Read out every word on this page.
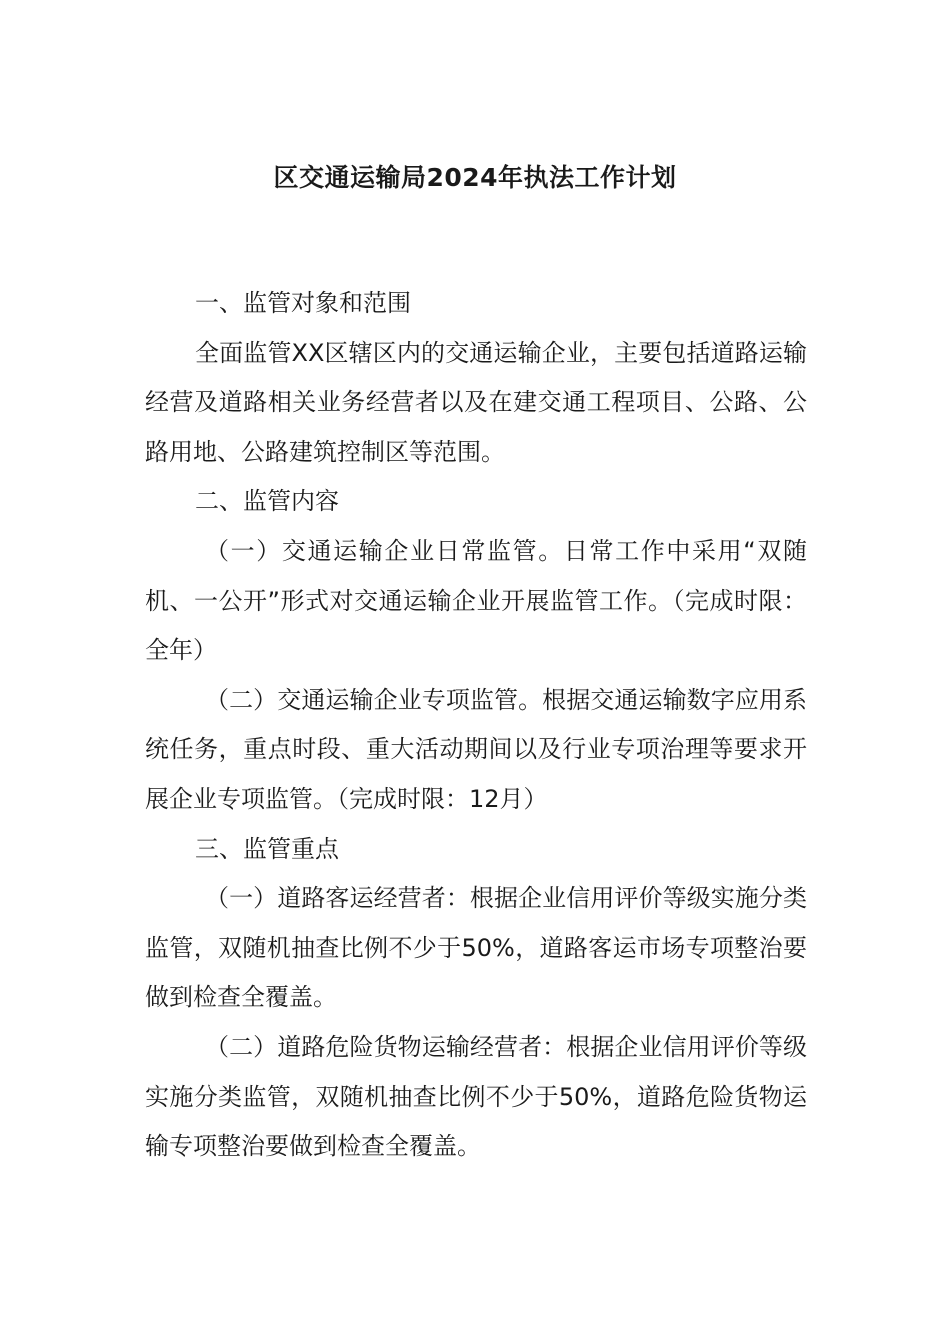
区交通运输局2024年执法工作计划

一、监管对象和范围

全面监管XX区辖区内的交通运输企业，主要包括道路运输经营及道路相关业务经营者以及在建交通工程项目、公路、公路用地、公路建筑控制区等范围。

二、监管内容

（一）交通运输企业日常监管。日常工作中采用“双随机、一公开”形式对交通运输企业开展监管工作。（完成时限：全年）

（二）交通运输企业专项监管。根据交通运输数字应用系统任务，重点时段、重大活动期间以及行业专项治理等要求开展企业专项监管。（完成时限：12月）

三、监管重点

（一）道路客运经营者：根据企业信用评价等级实施分类监管，双随机抽查比例不少于50%，道路客运市场专项整治要做到检查全覆盖。

（二）道路危险货物运输经营者：根据企业信用评价等级实施分类监管，双随机抽查比例不少于50%，道路危险货物运输专项整治要做到检查全覆盖。
